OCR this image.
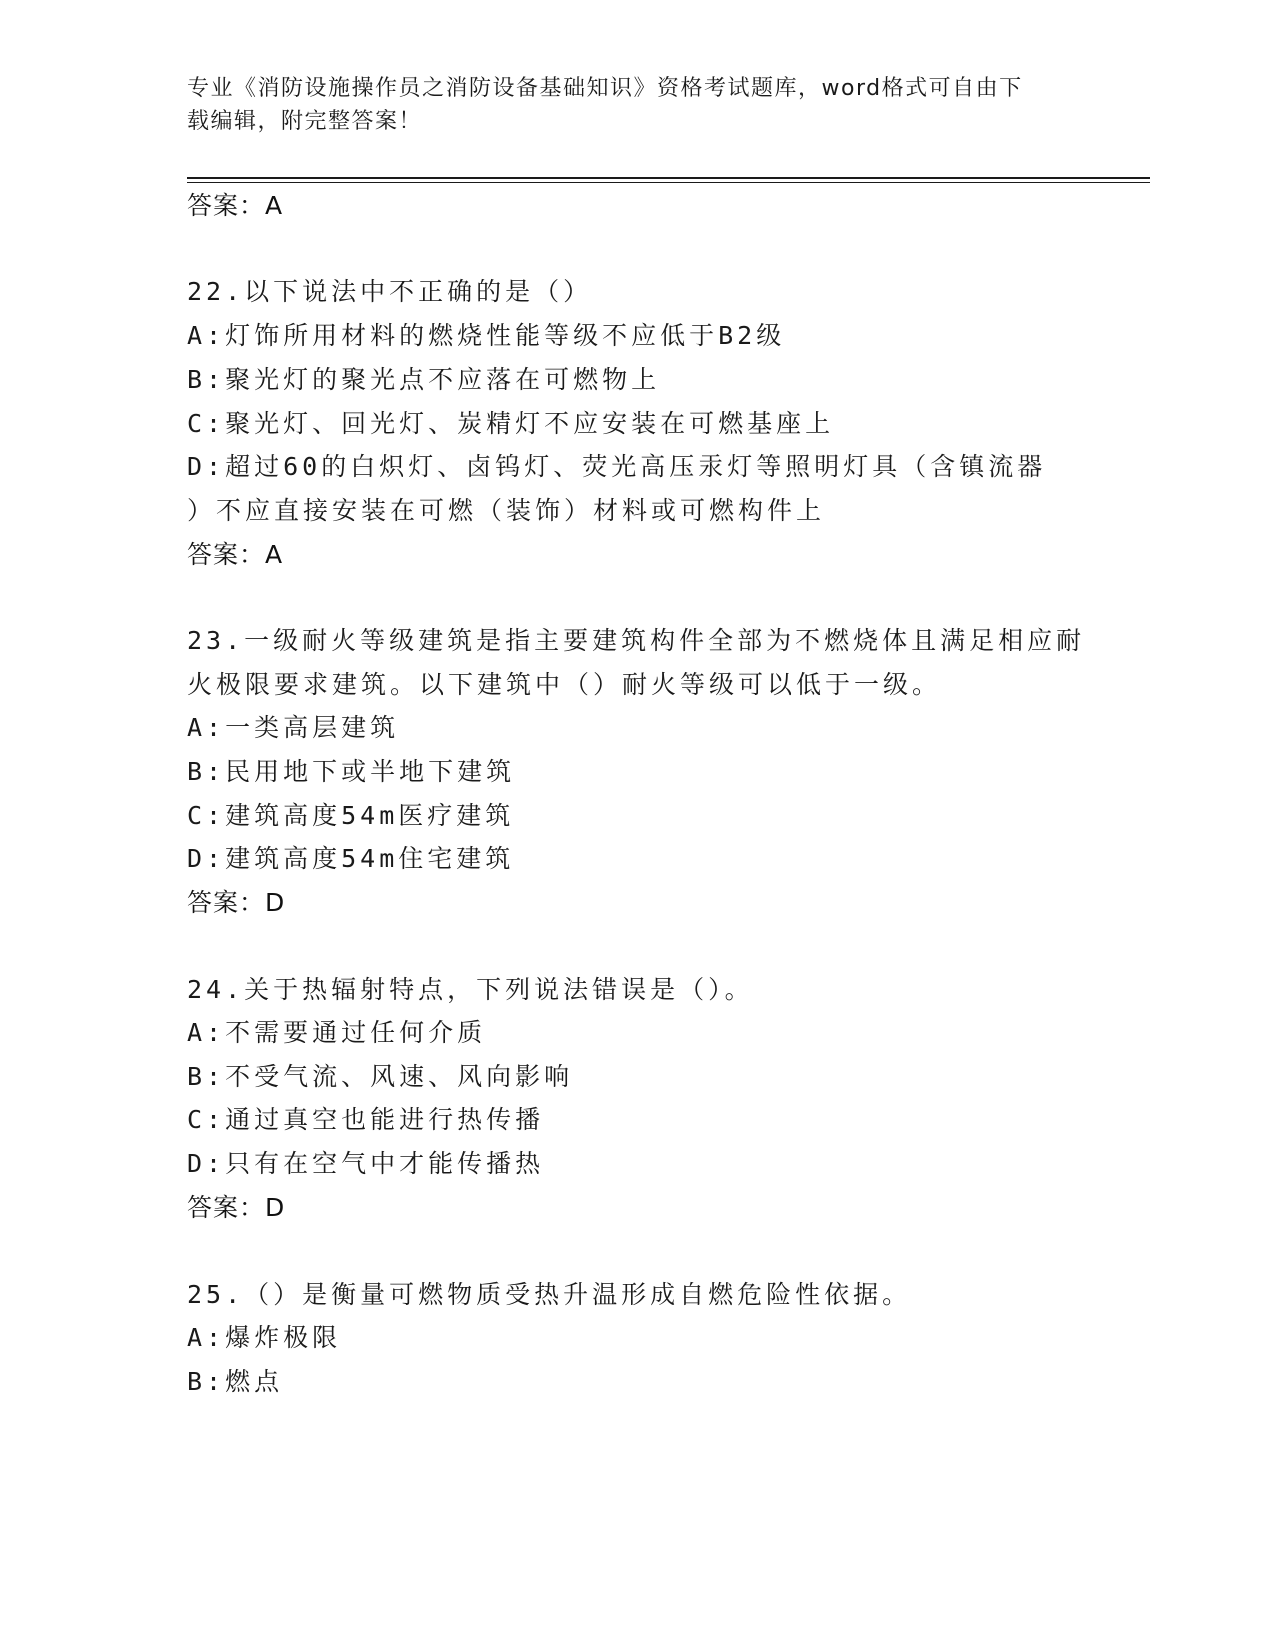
专业《消防设施操作员之消防设备基础知识》资格考试题库，word格式可自由下
载编辑，附完整答案！
答案：A
22.以下说法中不正确的是（）
A:灯饰所用材料的燃烧性能等级不应低于B2级
B:聚光灯的聚光点不应落在可燃物上
C:聚光灯、回光灯、炭精灯不应安装在可燃基座上
D:超过60的白炽灯、卤钨灯、荧光高压汞灯等照明灯具（含镇流器
）不应直接安装在可燃（装饰）材料或可燃构件上
答案：A
23.一级耐火等级建筑是指主要建筑构件全部为不燃烧体且满足相应耐
火极限要求建筑。以下建筑中（）耐火等级可以低于一级。
A:一类高层建筑
B:民用地下或半地下建筑
C:建筑高度54m医疗建筑
D:建筑高度54m住宅建筑
答案：D
24.关于热辐射特点，下列说法错误是（）。
A:不需要通过任何介质
B:不受气流、风速、风向影响
C:通过真空也能进行热传播
D:只有在空气中才能传播热
答案：D
25.（）是衡量可燃物质受热升温形成自燃危险性依据。
A:爆炸极限
B:燃点
